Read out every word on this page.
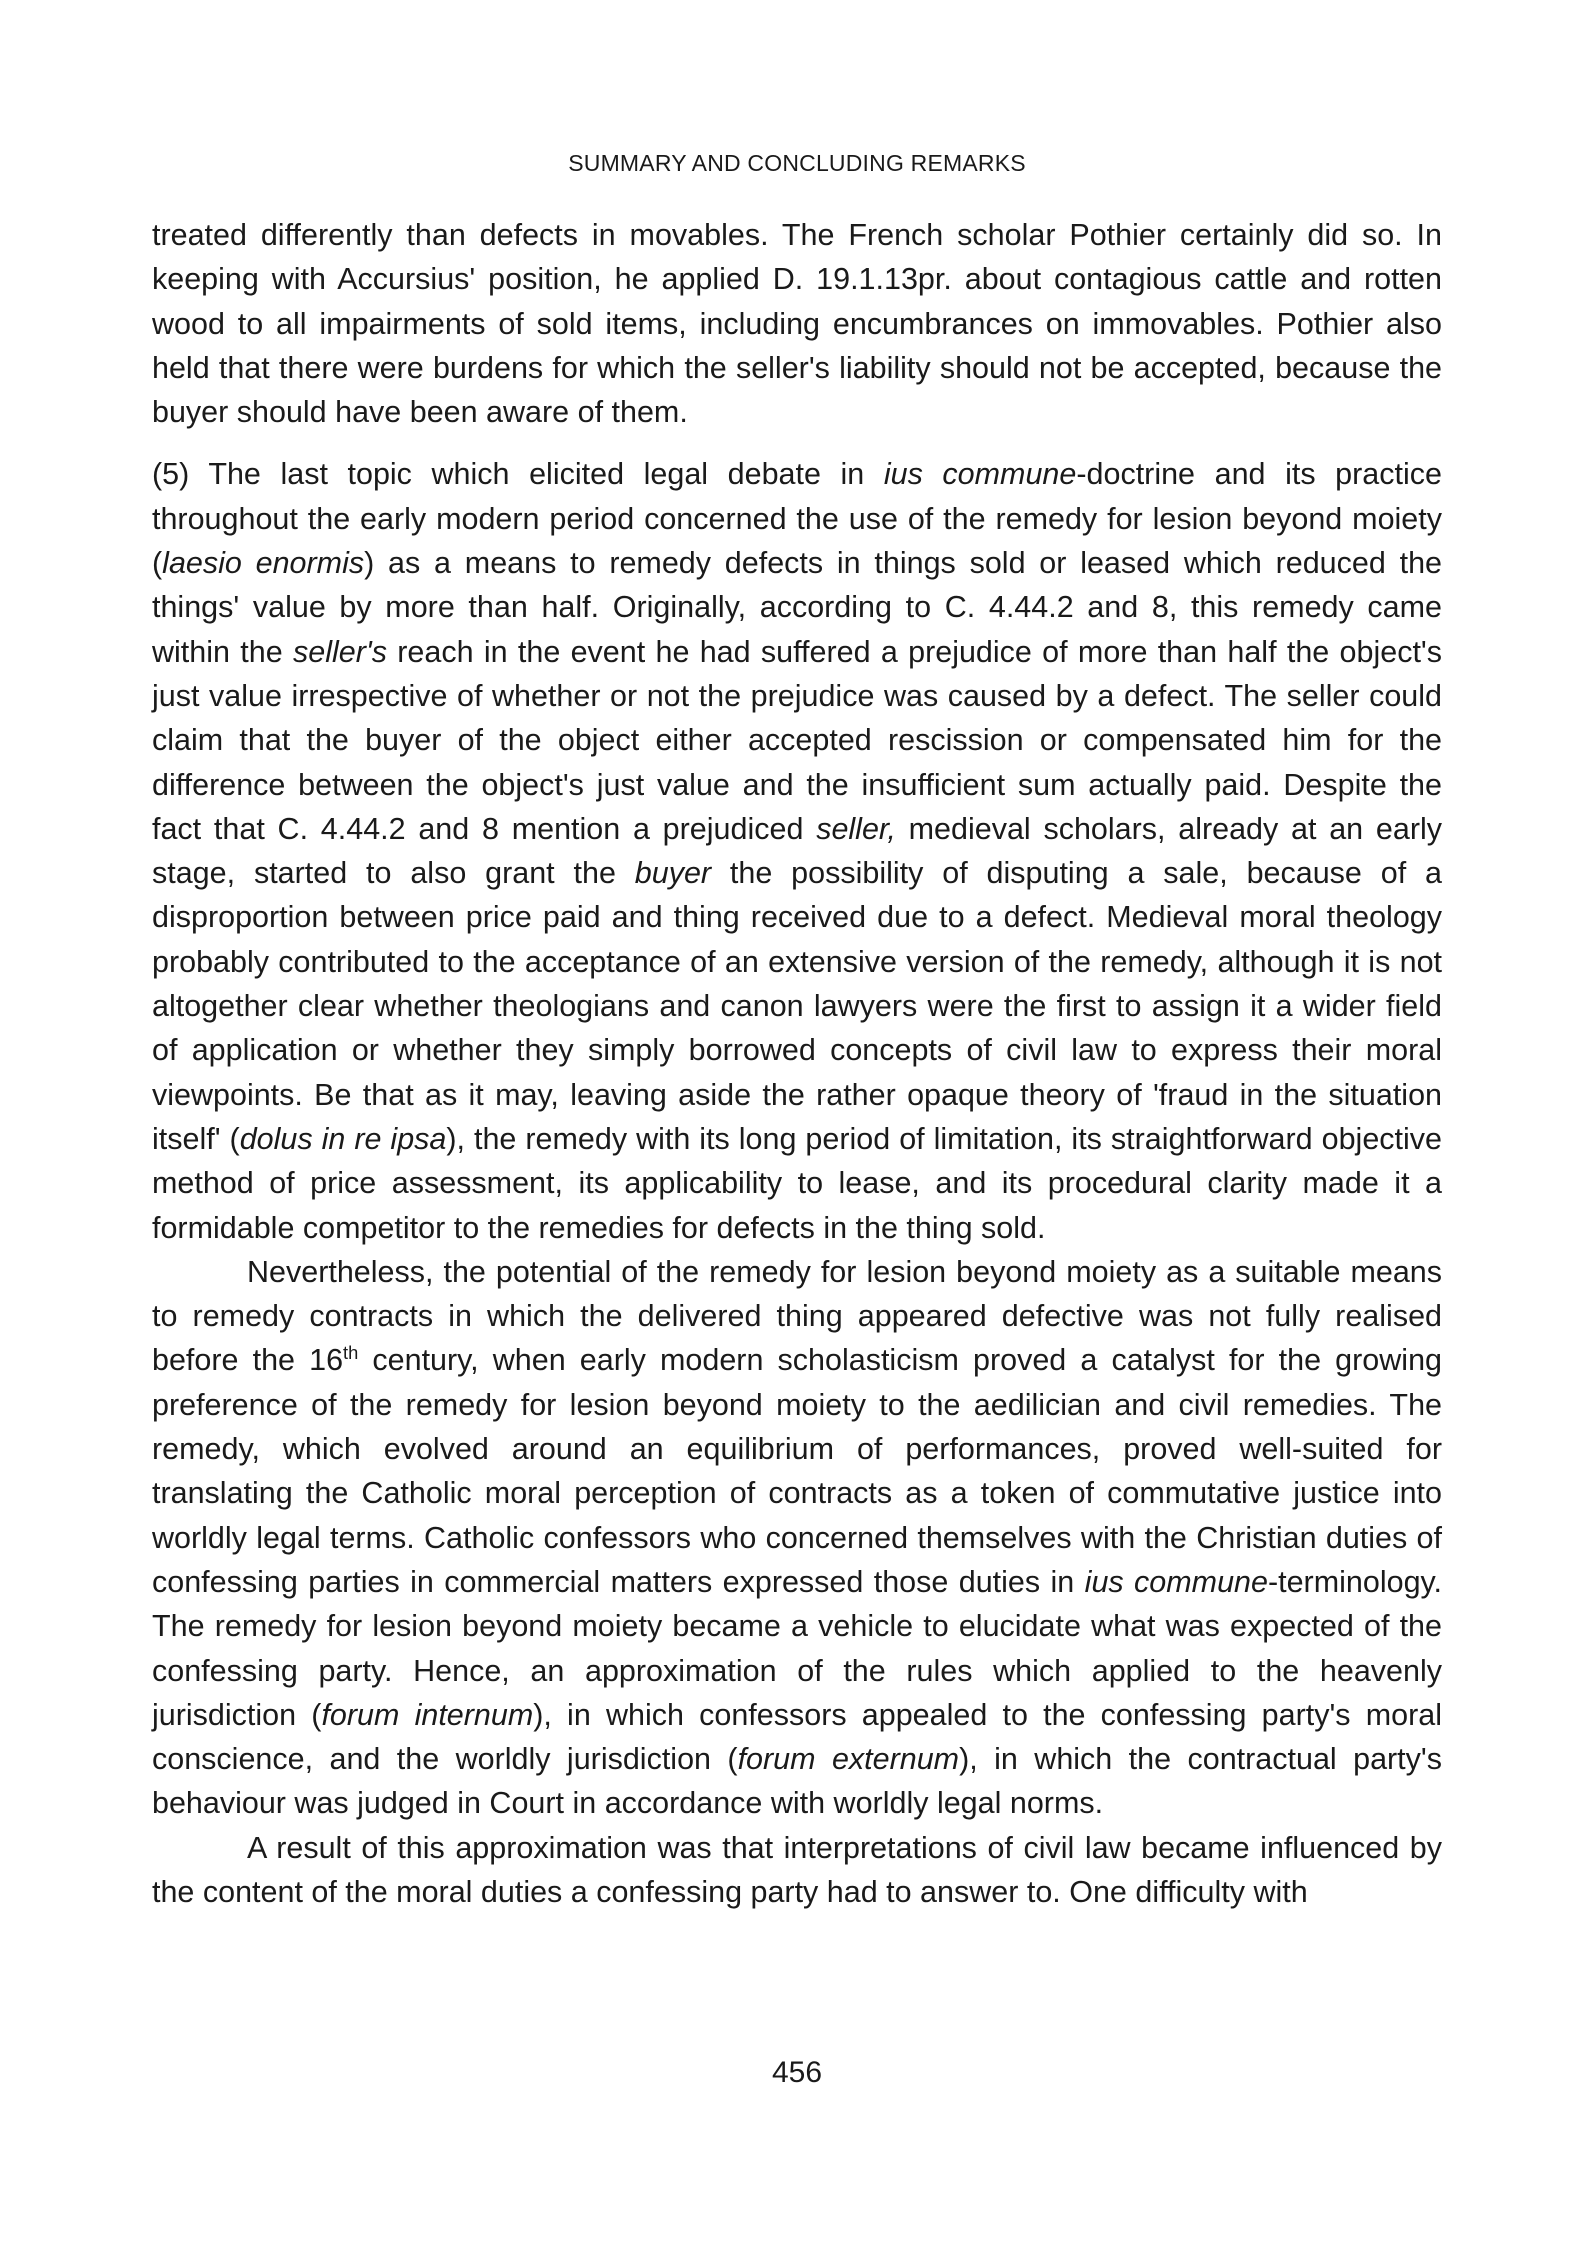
SUMMARY AND CONCLUDING REMARKS

treated differently than defects in movables. The French scholar Pothier certainly did so. In keeping with Accursius' position, he applied D. 19.1.13pr. about contagious cattle and rotten wood to all impairments of sold items, including encumbrances on immovables. Pothier also held that there were burdens for which the seller's liability should not be accepted, because the buyer should have been aware of them.

(5) The last topic which elicited legal debate in ius commune-doctrine and its practice throughout the early modern period concerned the use of the remedy for lesion beyond moiety (laesio enormis) as a means to remedy defects in things sold or leased which reduced the things' value by more than half. Originally, according to C. 4.44.2 and 8, this remedy came within the seller's reach in the event he had suffered a prejudice of more than half the object's just value irrespective of whether or not the prejudice was caused by a defect. The seller could claim that the buyer of the object either accepted rescission or compensated him for the difference between the object's just value and the insufficient sum actually paid. Despite the fact that C. 4.44.2 and 8 mention a prejudiced seller, medieval scholars, already at an early stage, started to also grant the buyer the possibility of disputing a sale, because of a disproportion between price paid and thing received due to a defect. Medieval moral theology probably contributed to the acceptance of an extensive version of the remedy, although it is not altogether clear whether theologians and canon lawyers were the first to assign it a wider field of application or whether they simply borrowed concepts of civil law to express their moral viewpoints. Be that as it may, leaving aside the rather opaque theory of 'fraud in the situation itself' (dolus in re ipsa), the remedy with its long period of limitation, its straightforward objective method of price assessment, its applicability to lease, and its procedural clarity made it a formidable competitor to the remedies for defects in the thing sold.

Nevertheless, the potential of the remedy for lesion beyond moiety as a suitable means to remedy contracts in which the delivered thing appeared defective was not fully realised before the 16th century, when early modern scholasticism proved a catalyst for the growing preference of the remedy for lesion beyond moiety to the aedilician and civil remedies. The remedy, which evolved around an equilibrium of performances, proved well-suited for translating the Catholic moral perception of contracts as a token of commutative justice into worldly legal terms. Catholic confessors who concerned themselves with the Christian duties of confessing parties in commercial matters expressed those duties in ius commune-terminology. The remedy for lesion beyond moiety became a vehicle to elucidate what was expected of the confessing party. Hence, an approximation of the rules which applied to the heavenly jurisdiction (forum internum), in which confessors appealed to the confessing party's moral conscience, and the worldly jurisdiction (forum externum), in which the contractual party's behaviour was judged in Court in accordance with worldly legal norms.

A result of this approximation was that interpretations of civil law became influenced by the content of the moral duties a confessing party had to answer to. One difficulty with

456
